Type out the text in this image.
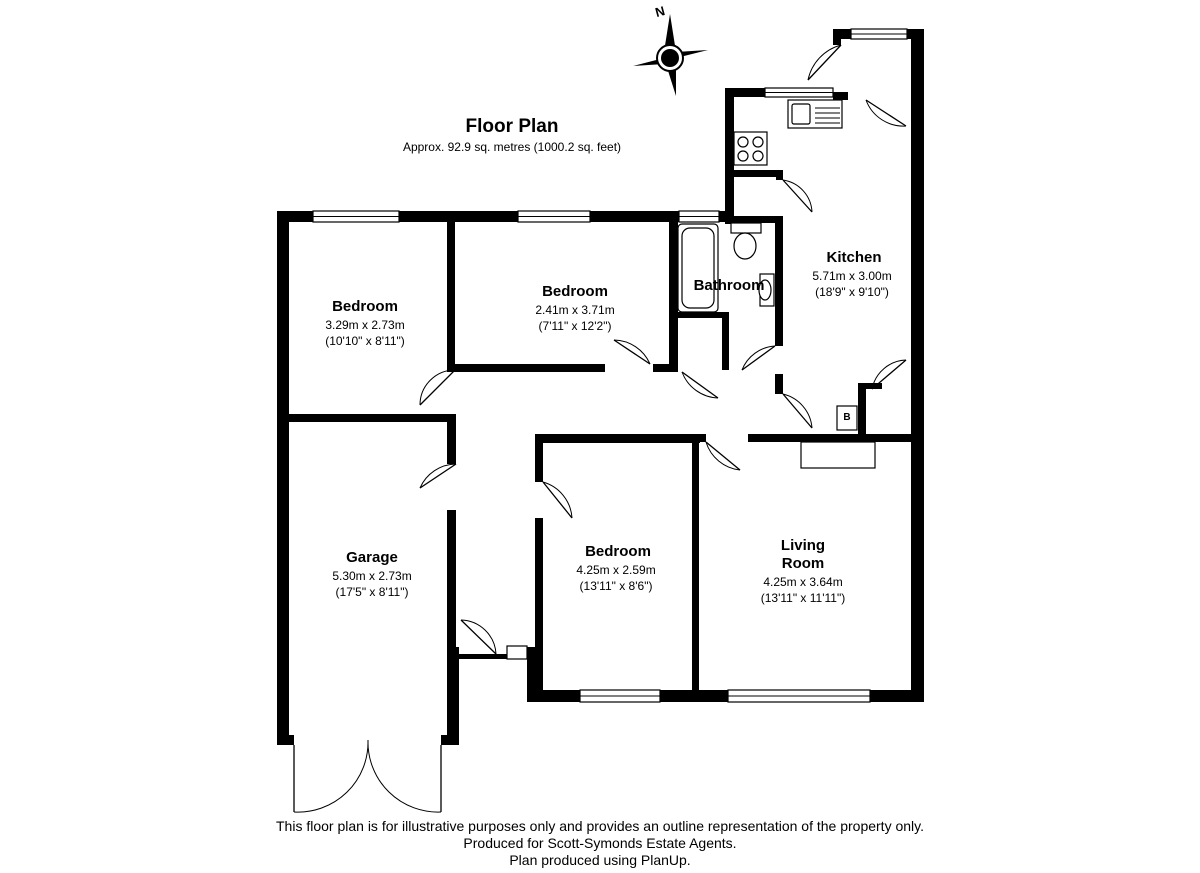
Floor Plan
Approx. 92.9 sq. metres (1000.2 sq. feet)
N
Bedroom
3.29m x 2.73m
(10'10" x 8'11")
Bedroom
2.41m x 3.71m
(7'11" x 12'2")
Bathroom
Kitchen
5.71m x 3.00m
(18'9" x 9'10")
Garage
5.30m x 2.73m
(17'5" x 8'11")
Bedroom
4.25m x 2.59m
(13'11" x 8'6")
Living
Room
4.25m x 3.64m
(13'11" x 11'11")
B
This floor plan is for illustrative purposes only and provides an outline representation of the property only.
Produced for Scott-Symonds Estate Agents.
Plan produced using PlanUp.
